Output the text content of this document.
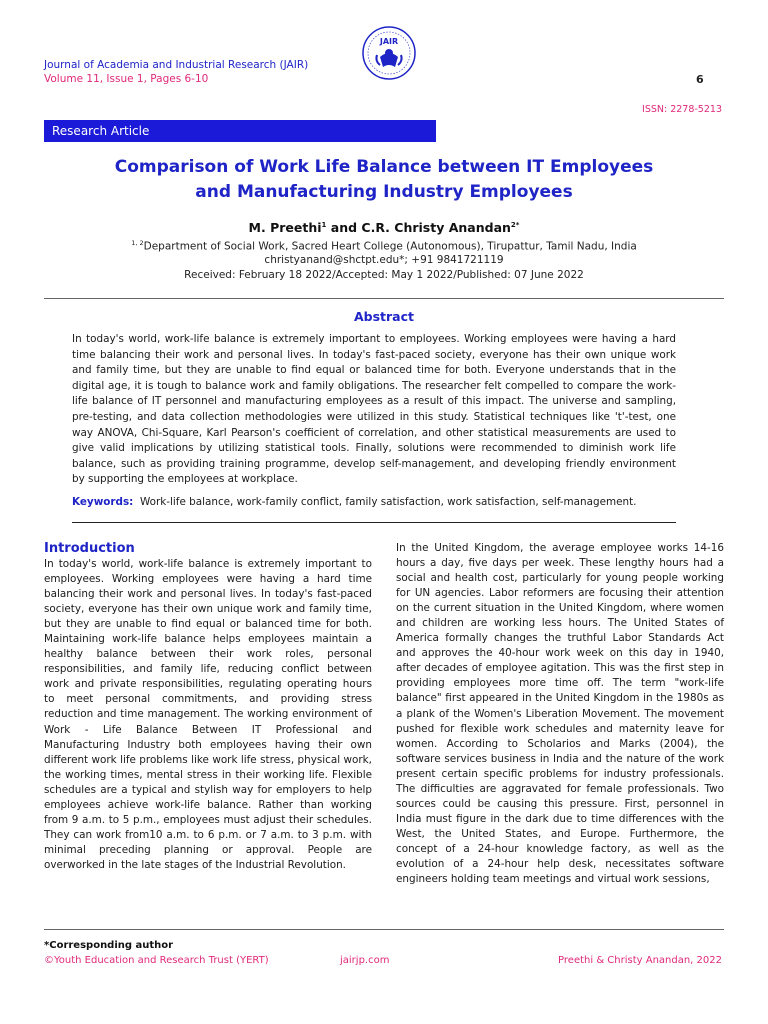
Journal of Academia and Industrial Research (JAIR)
Volume 11, Issue 1, Pages 6-10	6
JAIR
ISSN: 2278-5213
Research Article
Comparison of Work Life Balance between IT Employees
and Manufacturing Industry Employees
M. Preethi$^1$ and C.R. Christy Anandan$^{2*}$
$^{1, 2}$Department of Social Work, Sacred Heart College (Autonomous), Tirupattur, Tamil Nadu, India
christyanand@shctpt.edu*; +91 9841721119
Received: February 18 2022/Accepted: May 1 2022/Published: 07 June 2022
Abstract
In today's world, work-life balance is extremely important to employees. Working employees were having a hard time balancing their work and personal lives. In today's fast-paced society, everyone has their own unique work and family time, but they are unable to find equal or balanced time for both. Everyone understands that in the digital age, it is tough to balance work and family obligations. The researcher felt compelled to compare the work-life balance of IT personnel and manufacturing employees as a result of this impact. The universe and sampling, pre-testing, and data collection methodologies were utilized in this study. Statistical techniques like 't'-test, one way ANOVA, Chi-Square, Karl Pearson's coefficient of correlation, and other statistical measurements are used to give valid implications by utilizing statistical tools. Finally, solutions were recommended to diminish work life balance, such as providing training programme, develop self-management, and developing friendly environment by supporting the employees at workplace.
Keywords: Work-life balance, work-family conflict, family satisfaction, work satisfaction, self-management.
Introduction
In today's world, work-life balance is extremely important to employees. Working employees were having a hard time balancing their work and personal lives. In today's fast-paced society, everyone has their own unique work and family time, but they are unable to find equal or balanced time for both. Maintaining work-life balance helps employees maintain a healthy balance between their work roles, personal responsibilities, and family life, reducing conflict between work and private responsibilities, regulating operating hours to meet personal commitments, and providing stress reduction and time management. The working environment of Work - Life Balance Between IT Professional and Manufacturing Industry both employees having their own different work life problems like work life stress, physical work, the working times, mental stress in their working life. Flexible schedules are a typical and stylish way for employers to help employees achieve work-life balance. Rather than working from 9 a.m. to 5 p.m., employees must adjust their schedules. They can work from10 a.m. to 6 p.m. or 7 a.m. to 3 p.m. with minimal preceding planning or approval. People are overworked in the late stages of the Industrial Revolution.
In the United Kingdom, the average employee works 14-16 hours a day, five days per week. These lengthy hours had a social and health cost, particularly for young people working for UN agencies. Labor reformers are focusing their attention on the current situation in the United Kingdom, where women and children are working less hours. The United States of America formally changes the truthful Labor Standards Act and approves the 40-hour work week on this day in 1940, after decades of employee agitation. This was the first step in providing employees more time off. The term "work-life balance" first appeared in the United Kingdom in the 1980s as a plank of the Women's Liberation Movement. The movement pushed for flexible work schedules and maternity leave for women. According to Scholarios and Marks (2004), the software services business in India and the nature of the work present certain specific problems for industry professionals. The difficulties are aggravated for female professionals. Two sources could be causing this pressure. First, personnel in India must figure in the dark due to time differences with the West, the United States, and Europe. Furthermore, the concept of a 24-hour knowledge factory, as well as the evolution of a 24-hour help desk, necessitates software engineers holding team meetings and virtual work sessions,
*Corresponding author
©Youth Education and Research Trust (YERT)	jairjp.com	Preethi & Christy Anandan, 2022
